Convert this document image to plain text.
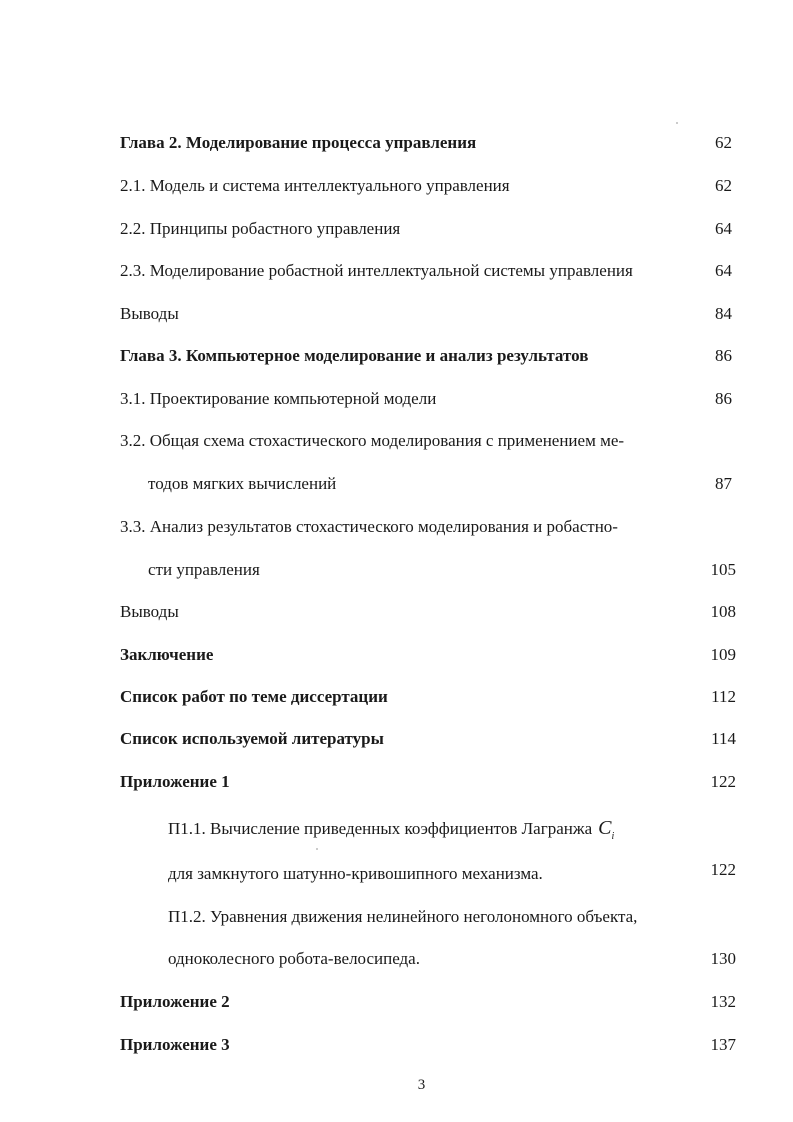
Глава 2. Моделирование процесса управления	62
2.1. Модель и система интеллектуального управления	62
2.2. Принципы робастного управления	64
2.3. Моделирование робастной интеллектуальной системы управления	64
Выводы	84
Глава 3. Компьютерное моделирование и анализ результатов	86
3.1. Проектирование компьютерной модели	86
3.2. Общая схема стохастического моделирования с применением ме-
тодов мягких вычислений	87
3.3. Анализ результатов стохастического моделирования и робастно-
сти управления	105
Выводы	108
Заключение	109
Список работ по теме диссертации	112
Список используемой литературы	114
Приложение 1	122
П1.1. Вычисление приведенных коэффициентов Лагранжа $C_i$
для замкнутого шатунно-кривошипного механизма.	122
П1.2. Уравнения движения нелинейного неголономного объекта,
одноколесного робота-велосипеда.	130
Приложение 2	132
Приложение 3	137
3
